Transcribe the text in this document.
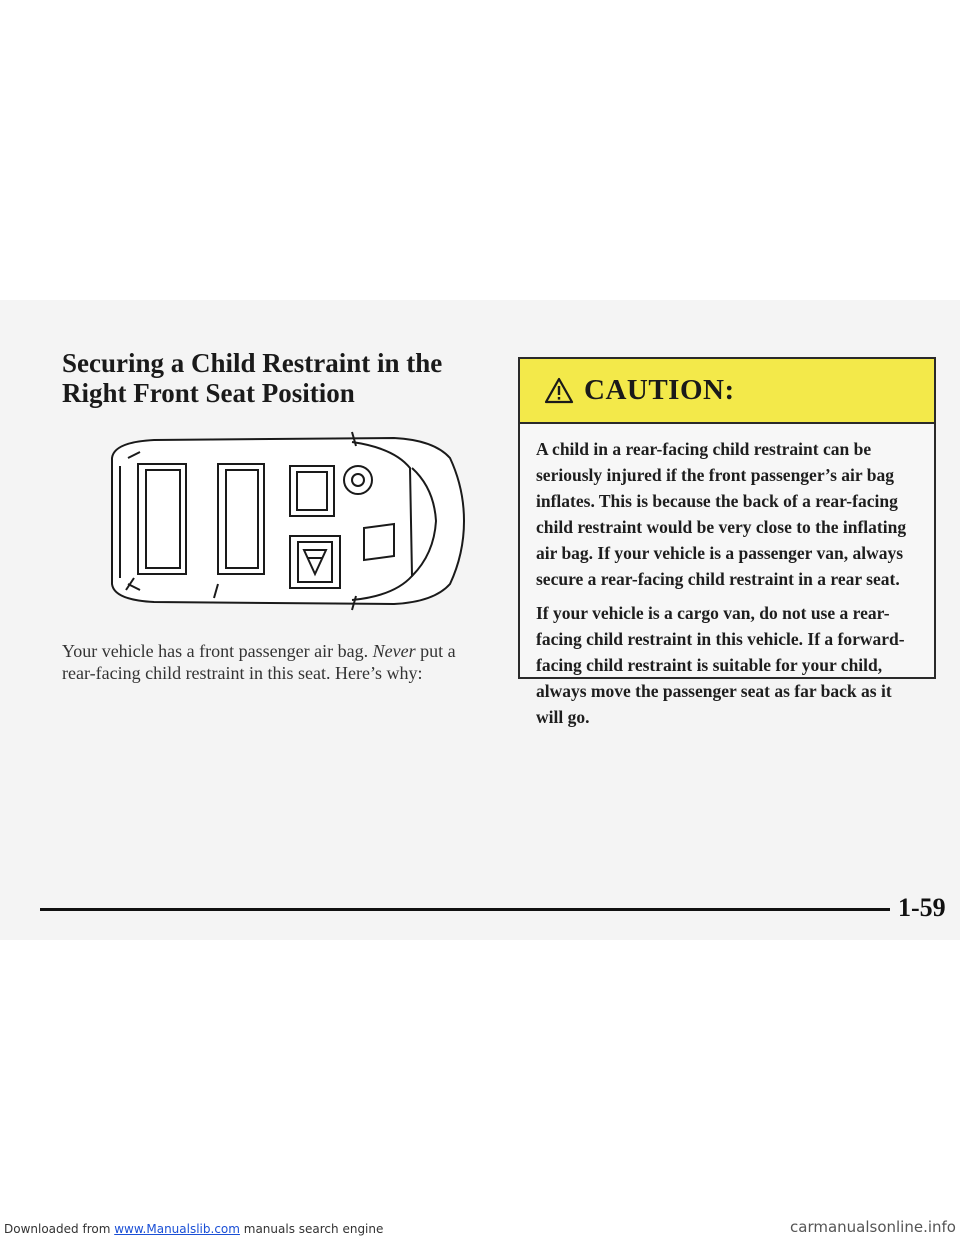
Securing a Child Restraint in the Right Front Seat Position

Your vehicle has a front passenger air bag. Never put a rear-facing child restraint in this seat. Here’s why:

CAUTION:

A child in a rear-facing child restraint can be seriously injured if the front passenger’s air bag inflates. This is because the back of a rear-facing child restraint would be very close to the inflating air bag. If your vehicle is a passenger van, always secure a rear-facing child restraint in a rear seat.

If your vehicle is a cargo van, do not use a rear-facing child restraint in this vehicle. If a forward-facing child restraint is suitable for your child, always move the passenger seat as far back as it will go.

1-59
Downloaded from www.Manualslib.com manuals search engine	carmanualsonline.info
